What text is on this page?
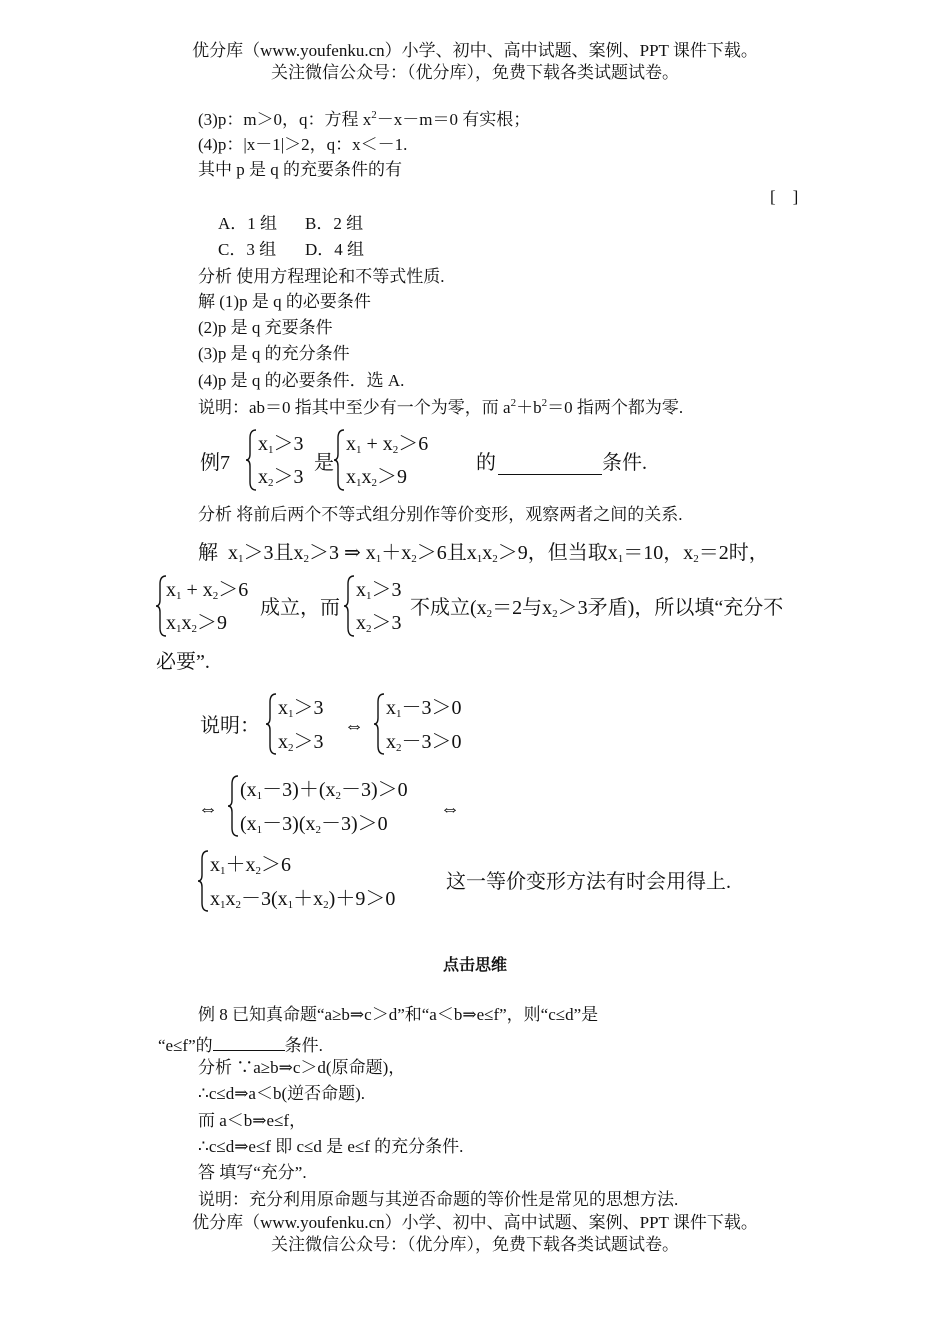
优分库（www.youfenku.cn）小学、初中、高中试题、案例、PPT 课件下载。
关注微信公众号：（优分库），免费下载各类试题试卷。
(3)p：m＞0，q：方程 $x^2-x-m=0$ 有实根；
(4)p：|x－1|＞2，q：x＜－1.
其中 p 是 q 的充要条件的有
[　]
A．1 组 B．2 组
C．3 组 D．4 组
分析 使用方程理论和不等式性质.
解 (1)p 是 q 的必要条件
(2)p 是 q 充要条件
(3)p 是 q 的充分条件
(4)p 是 q 的必要条件．选 A.
说明：ab＝0 指其中至少有一个为零，而 $a^2+b^2=0$ 指两个都为零.
例7
$x_1>3$
$x_2>3$
是
$x_1 + x_2>6$
$x_1x_2>9$
的	条件.
分析 将前后两个不等式组分别作等价变形，观察两者之间的关系.
解  $x_1>3$且$x_2>3$ ⇒ $x_1+x_2>6$且$x_1x_2>9$，但当取$x_1=10$，$x_2=2$时，
$x_1 + x_2>6$
$x_1x_2>9$
成立，而
$x_1>3$
$x_2>3$
不成立($x_2=2$与$x_2>3$矛盾)，所以填“充分不
必要”.
说明：
$x_1>3$
$x_2>3$
⇔
$x_1-3>0$
$x_2-3>0$
⇔
$(x_1-3)+(x_2-3)>0$
$(x_1-3)(x_2-3)>0$
⇔
$x_1+x_2>6$
$x_1x_2-3(x_1+x_2)+9>0$
这一等价变形方法有时会用得上.
点击思维
例 8 已知真命题“a≥b⇒c＞d”和“a＜b⇒e≤f”，则“c≤d”是
“e≤f”的	条件.
分析 ∵a≥b⇒c＞d(原命题)，
∴c≤d⇒a＜b(逆否命题).
而 a＜b⇒e≤f，
∴c≤d⇒e≤f 即 c≤d 是 e≤f 的充分条件.
答 填写“充分”.
说明：充分利用原命题与其逆否命题的等价性是常见的思想方法.
优分库（www.youfenku.cn）小学、初中、高中试题、案例、PPT 课件下载。
关注微信公众号：（优分库），免费下载各类试题试卷。
